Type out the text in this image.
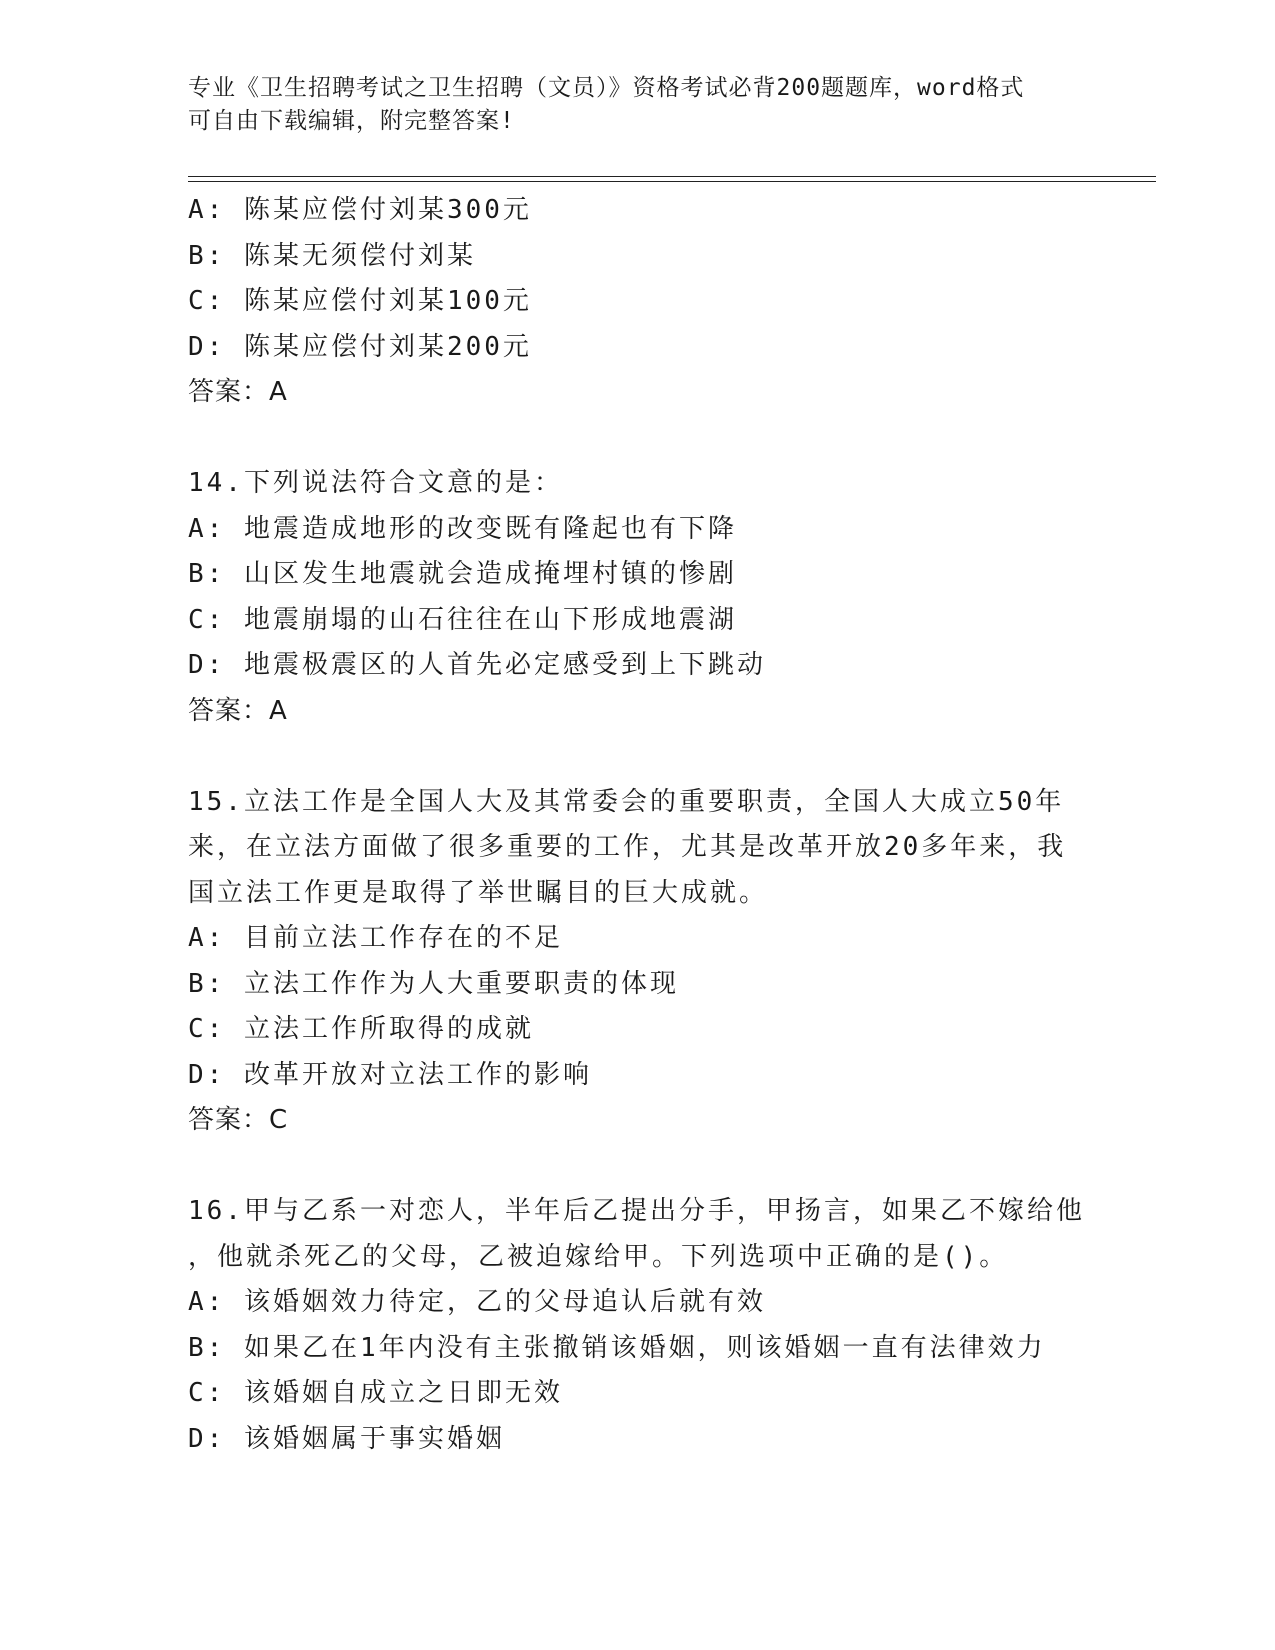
专业《卫生招聘考试之卫生招聘（文员）》资格考试必背200题题库，word格式
可自由下载编辑，附完整答案!
A: 陈某应偿付刘某300元
B: 陈某无须偿付刘某
C: 陈某应偿付刘某100元
D: 陈某应偿付刘某200元
答案：A
14.下列说法符合文意的是：
A: 地震造成地形的改变既有隆起也有下降
B: 山区发生地震就会造成掩埋村镇的惨剧
C: 地震崩塌的山石往往在山下形成地震湖
D: 地震极震区的人首先必定感受到上下跳动
答案：A
15.立法工作是全国人大及其常委会的重要职责，全国人大成立50年
来，在立法方面做了很多重要的工作，尤其是改革开放20多年来，我
国立法工作更是取得了举世瞩目的巨大成就。
A: 目前立法工作存在的不足
B: 立法工作作为人大重要职责的体现
C: 立法工作所取得的成就
D: 改革开放对立法工作的影响
答案：C
16.甲与乙系一对恋人，半年后乙提出分手，甲扬言，如果乙不嫁给他
，他就杀死乙的父母，乙被迫嫁给甲。下列选项中正确的是()。
A: 该婚姻效力待定，乙的父母追认后就有效
B: 如果乙在1年内没有主张撤销该婚姻，则该婚姻一直有法律效力
C: 该婚姻自成立之日即无效
D: 该婚姻属于事实婚姻
